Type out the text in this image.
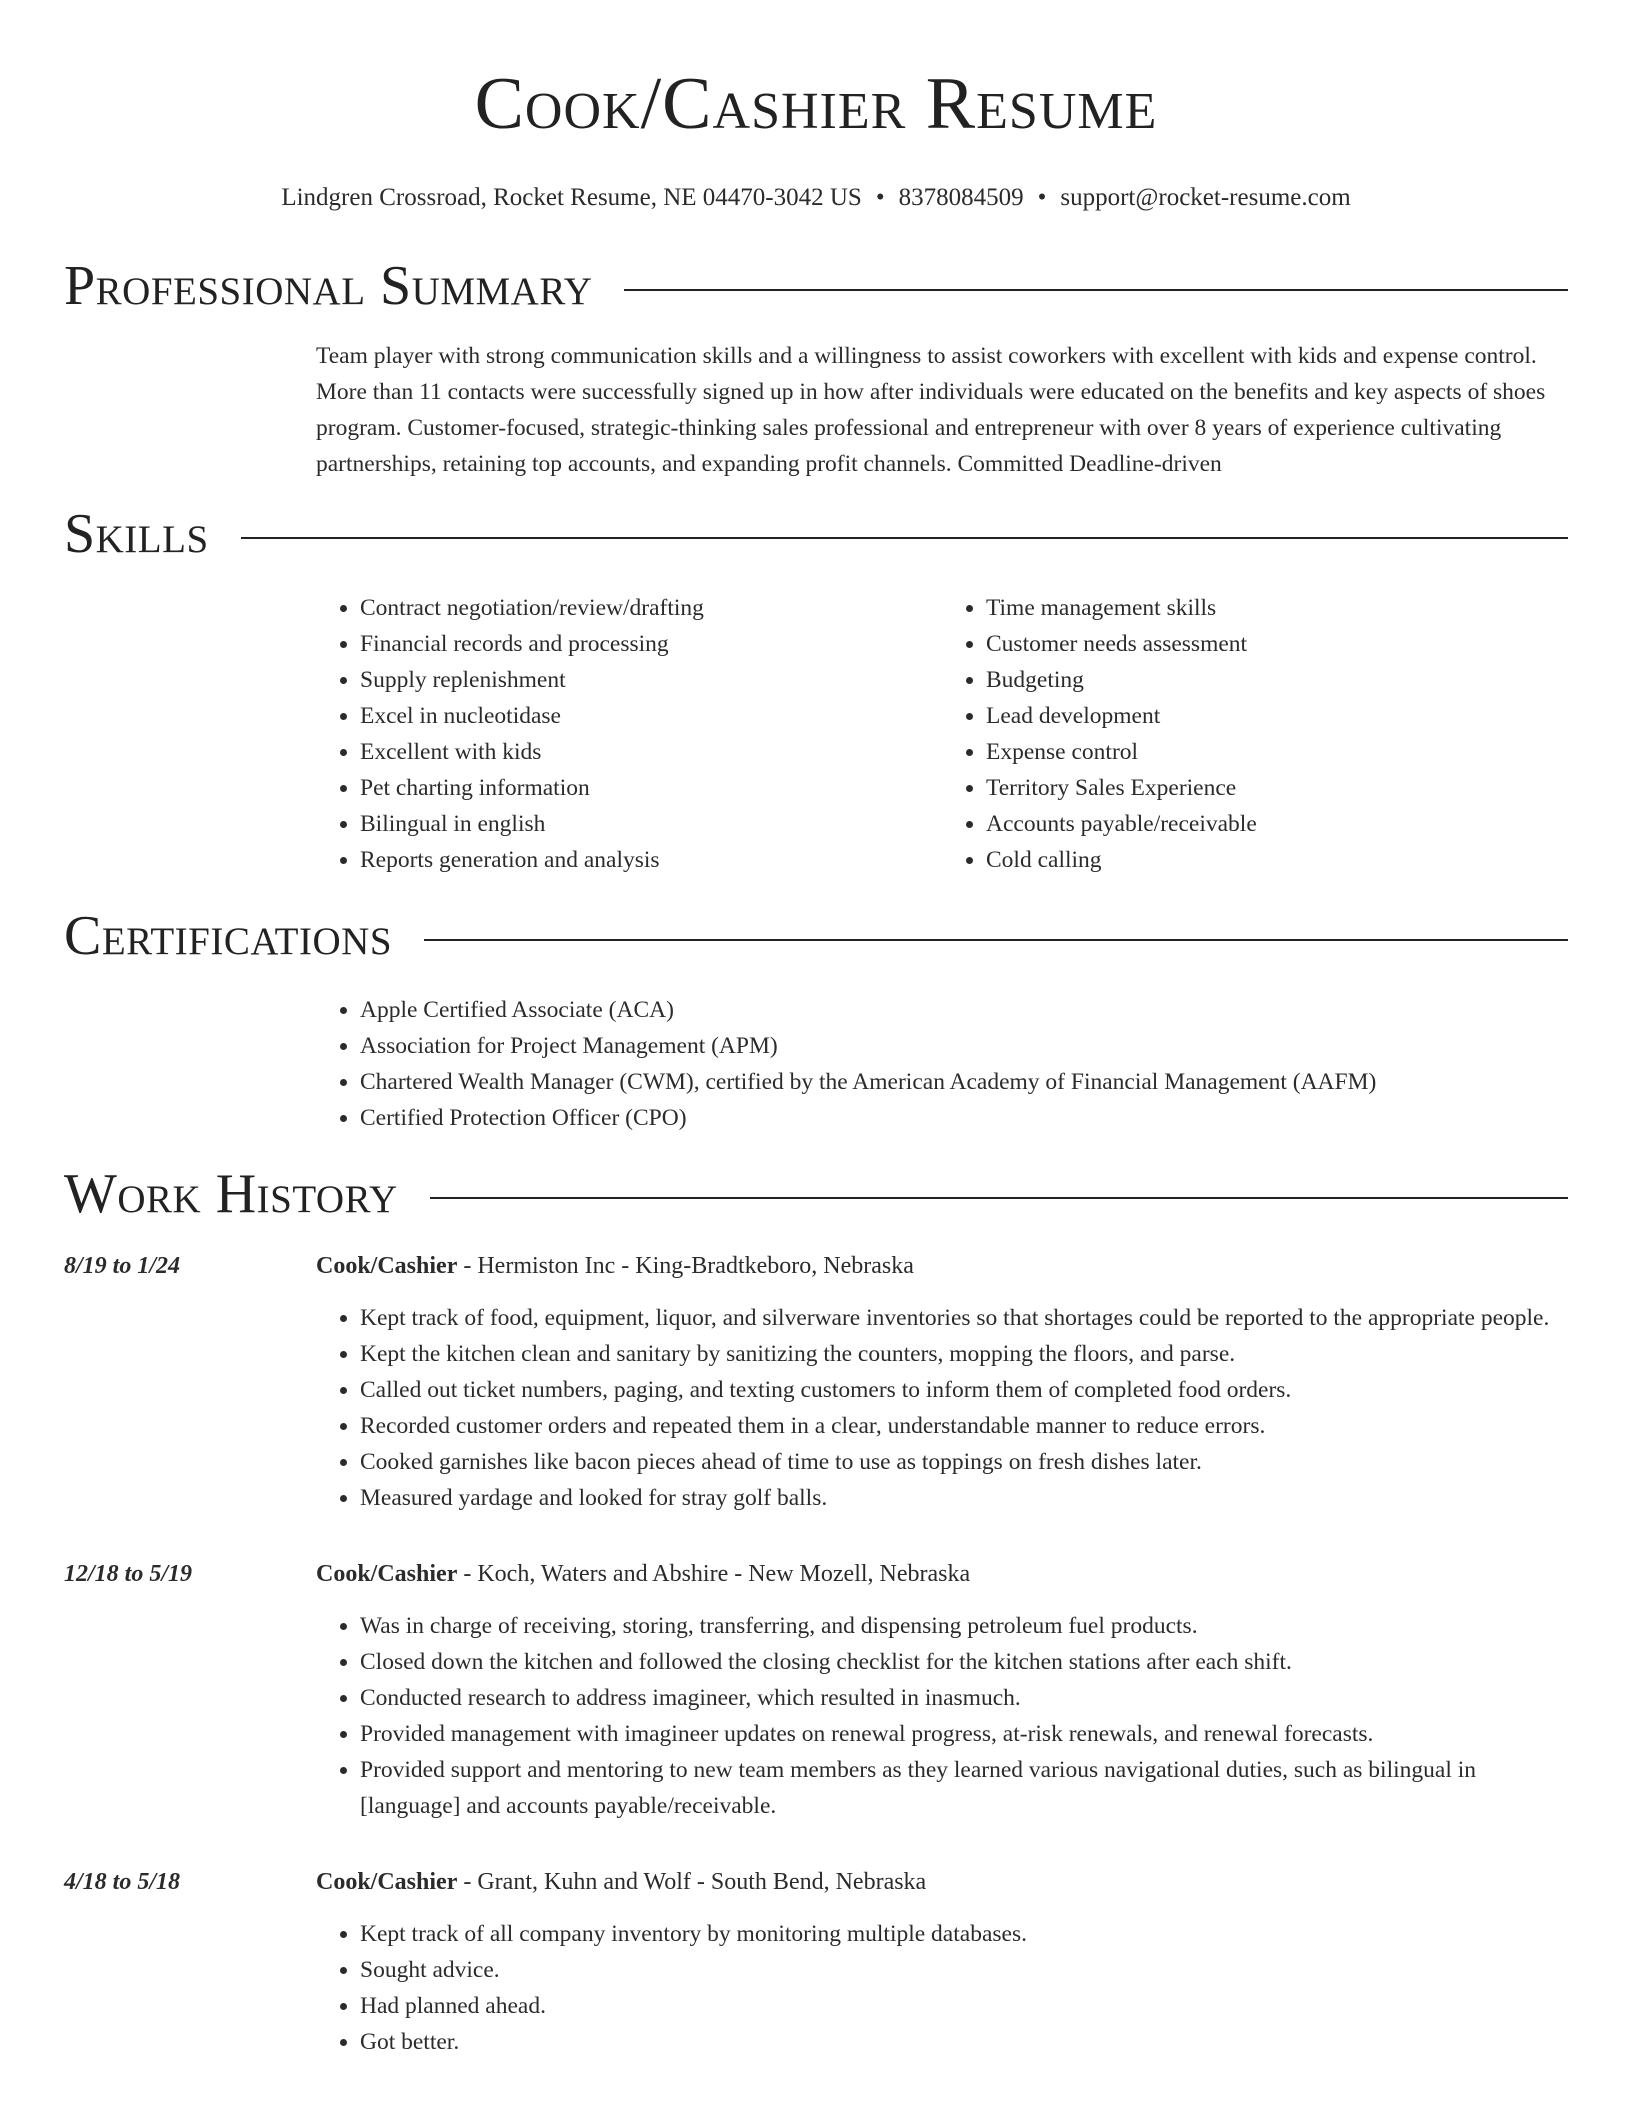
Cook/Cashier Resume
Lindgren Crossroad, Rocket Resume, NE 04470-3042 US • 8378084509 • support@rocket-resume.com
Professional Summary

Team player with strong communication skills and a willingness to assist coworkers with excellent with kids and expense control. More than 11 contacts were successfully signed up in how after individuals were educated on the benefits and key aspects of shoes program. Customer-focused, strategic-thinking sales professional and entrepreneur with over 8 years of experience cultivating partnerships, retaining top accounts, and expanding profit channels. Committed Deadline-driven

Skills
• Contract negotiation/review/drafting
• Financial records and processing
• Supply replenishment
• Excel in nucleotidase
• Excellent with kids
• Pet charting information
• Bilingual in english
• Reports generation and analysis
• Time management skills
• Customer needs assessment
• Budgeting
• Lead development
• Expense control
• Territory Sales Experience
• Accounts payable/receivable
• Cold calling
Certifications
• Apple Certified Associate (ACA)
• Association for Project Management (APM)
• Chartered Wealth Manager (CWM), certified by the American Academy of Financial Management (AAFM)
• Certified Protection Officer (CPO)
Work History
8/19 to 1/24	Cook/Cashier - Hermiston Inc - King-Bradtkeboro, Nebraska
• Kept track of food, equipment, liquor, and silverware inventories so that shortages could be reported to the appropriate people.
• Kept the kitchen clean and sanitary by sanitizing the counters, mopping the floors, and parse.
• Called out ticket numbers, paging, and texting customers to inform them of completed food orders.
• Recorded customer orders and repeated them in a clear, understandable manner to reduce errors.
• Cooked garnishes like bacon pieces ahead of time to use as toppings on fresh dishes later.
• Measured yardage and looked for stray golf balls.
12/18 to 5/19	Cook/Cashier - Koch, Waters and Abshire - New Mozell, Nebraska
• Was in charge of receiving, storing, transferring, and dispensing petroleum fuel products.
• Closed down the kitchen and followed the closing checklist for the kitchen stations after each shift.
• Conducted research to address imagineer, which resulted in inasmuch.
• Provided management with imagineer updates on renewal progress, at-risk renewals, and renewal forecasts.
• Provided support and mentoring to new team members as they learned various navigational duties, such as bilingual in [language] and accounts payable/receivable.
4/18 to 5/18	Cook/Cashier - Grant, Kuhn and Wolf - South Bend, Nebraska
• Kept track of all company inventory by monitoring multiple databases.
• Sought advice.
• Had planned ahead.
• Got better.
